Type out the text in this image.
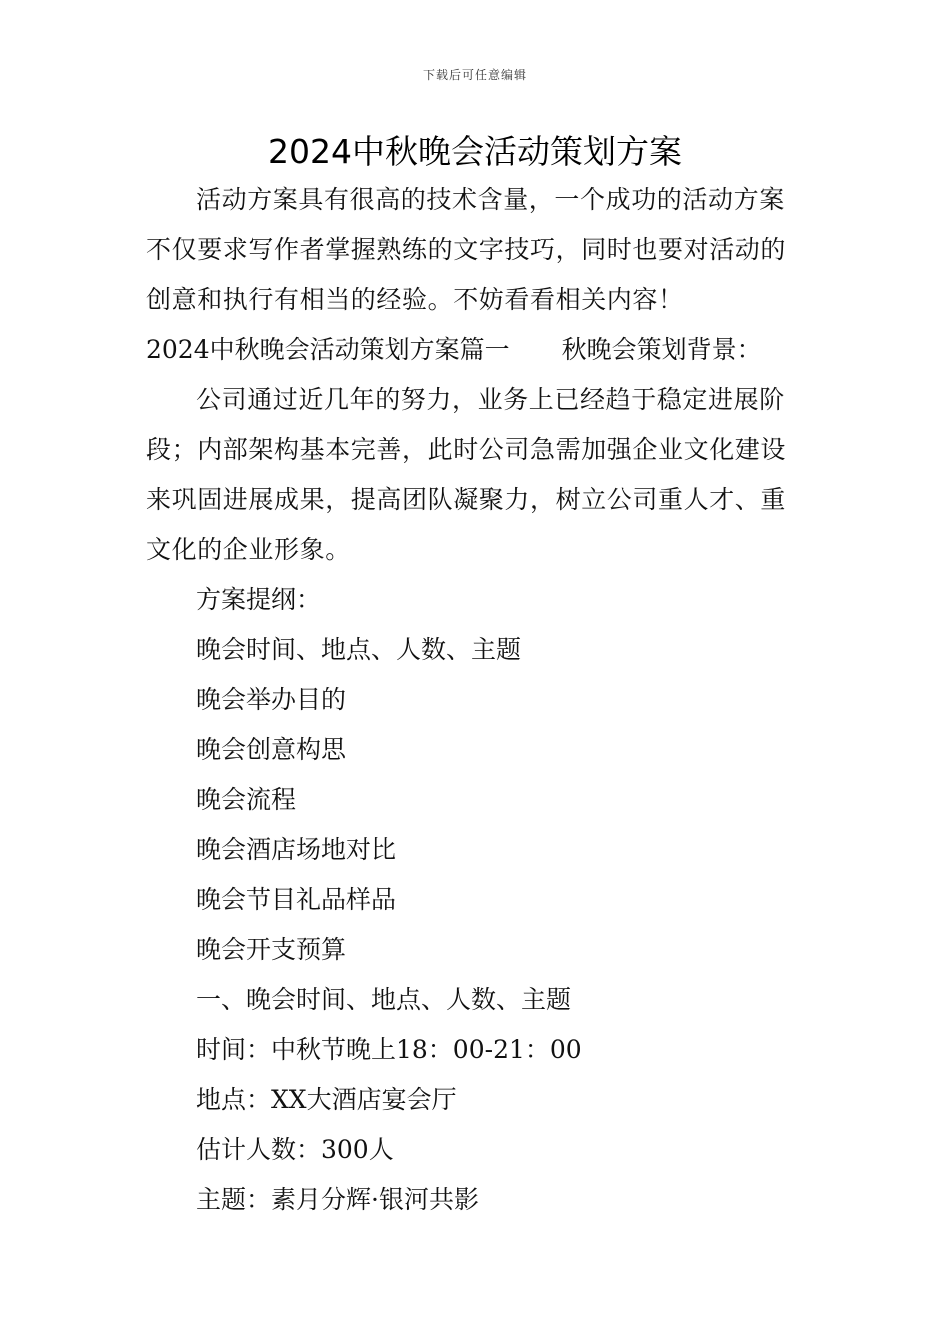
下载后可任意编辑
2024中秋晚会活动策划方案

活动方案具有很高的技术含量，一个成功的活动方案不仅要求写作者掌握熟练的文字技巧，同时也要对活动的创意和执行有相当的经验。不妨看看相关内容！

2024中秋晚会活动策划方案篇一 秋晚会策划背景：

公司通过近几年的努力，业务上已经趋于稳定进展阶段；内部架构基本完善，此时公司急需加强企业文化建设来巩固进展成果，提高团队凝聚力，树立公司重人才、重文化的企业形象。

方案提纲：

晚会时间、地点、人数、主题

晚会举办目的

晚会创意构思

晚会流程

晚会酒店场地对比

晚会节目礼品样品

晚会开支预算

一、晚会时间、地点、人数、主题

时间：中秋节晚上18：00-21：00

地点：XX大酒店宴会厅

估计人数：300人

主题：素月分辉·银河共影
